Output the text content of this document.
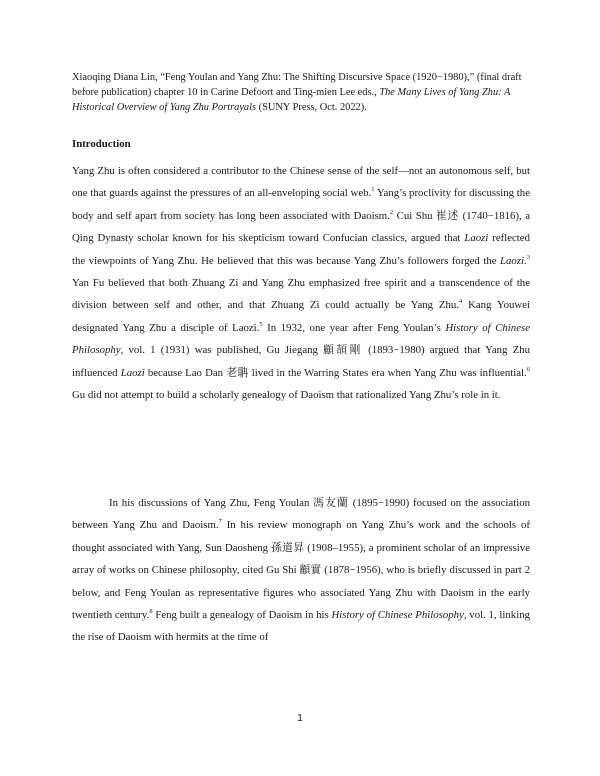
Xiaoqing Diana Lin, “Feng Youlan and Yang Zhu: The Shifting Discursive Space (1920−1980),” (final draft before publication) chapter 10 in Carine Defoort and Ting-mien Lee eds., The Many Lives of Yang Zhu: A Historical Overview of Yang Zhu Portrayals (SUNY Press, Oct. 2022).
Introduction
Yang Zhu is often considered a contributor to the Chinese sense of the self—not an autonomous self, but one that guards against the pressures of an all-enveloping social web.$^1$ Yang’s proclivity for discussing the body and self apart from society has long been associated with Daoism.$^2$ Cui Shu 崔述 (1740−1816), a Qing Dynasty scholar known for his skepticism toward Confucian classics, argued that Laozi reflected the viewpoints of Yang Zhu. He believed that this was because Yang Zhu’s followers forged the Laozi.$^3$ Yan Fu believed that both Zhuang Zi and Yang Zhu emphasized free spirit and a transcendence of the division between self and other, and that Zhuang Zi could actually be Yang Zhu.$^4$ Kang Youwei designated Yang Zhu a disciple of Laozi.$^5$ In 1932, one year after Feng Youlan’s History of Chinese Philosophy, vol. 1 (1931) was published, Gu Jiegang 顧頡剛 (1893−1980) argued that Yang Zhu influenced Laozi because Lao Dan 老聃 lived in the Warring States era when Yang Zhu was influential.$^6$ Gu did not attempt to build a scholarly genealogy of Daoism that rationalized Yang Zhu’s role in it.
In his discussions of Yang Zhu, Feng Youlan 馮友蘭 (1895−1990) focused on the association between Yang Zhu and Daoism.$^7$ In his review monograph on Yang Zhu’s work and the schools of thought associated with Yang, Sun Daosheng 孫道昇 (1908–1955), a prominent scholar of an impressive array of works on Chinese philosophy, cited Gu Shi 顧實 (1878−1956), who is briefly discussed in part 2 below, and Feng Youlan as representative figures who associated Yang Zhu with Daoism in the early twentieth century.$^8$ Feng built a genealogy of Daoism in his History of Chinese Philosophy, vol. 1, linking the rise of Daoism with hermits at the time of
1
